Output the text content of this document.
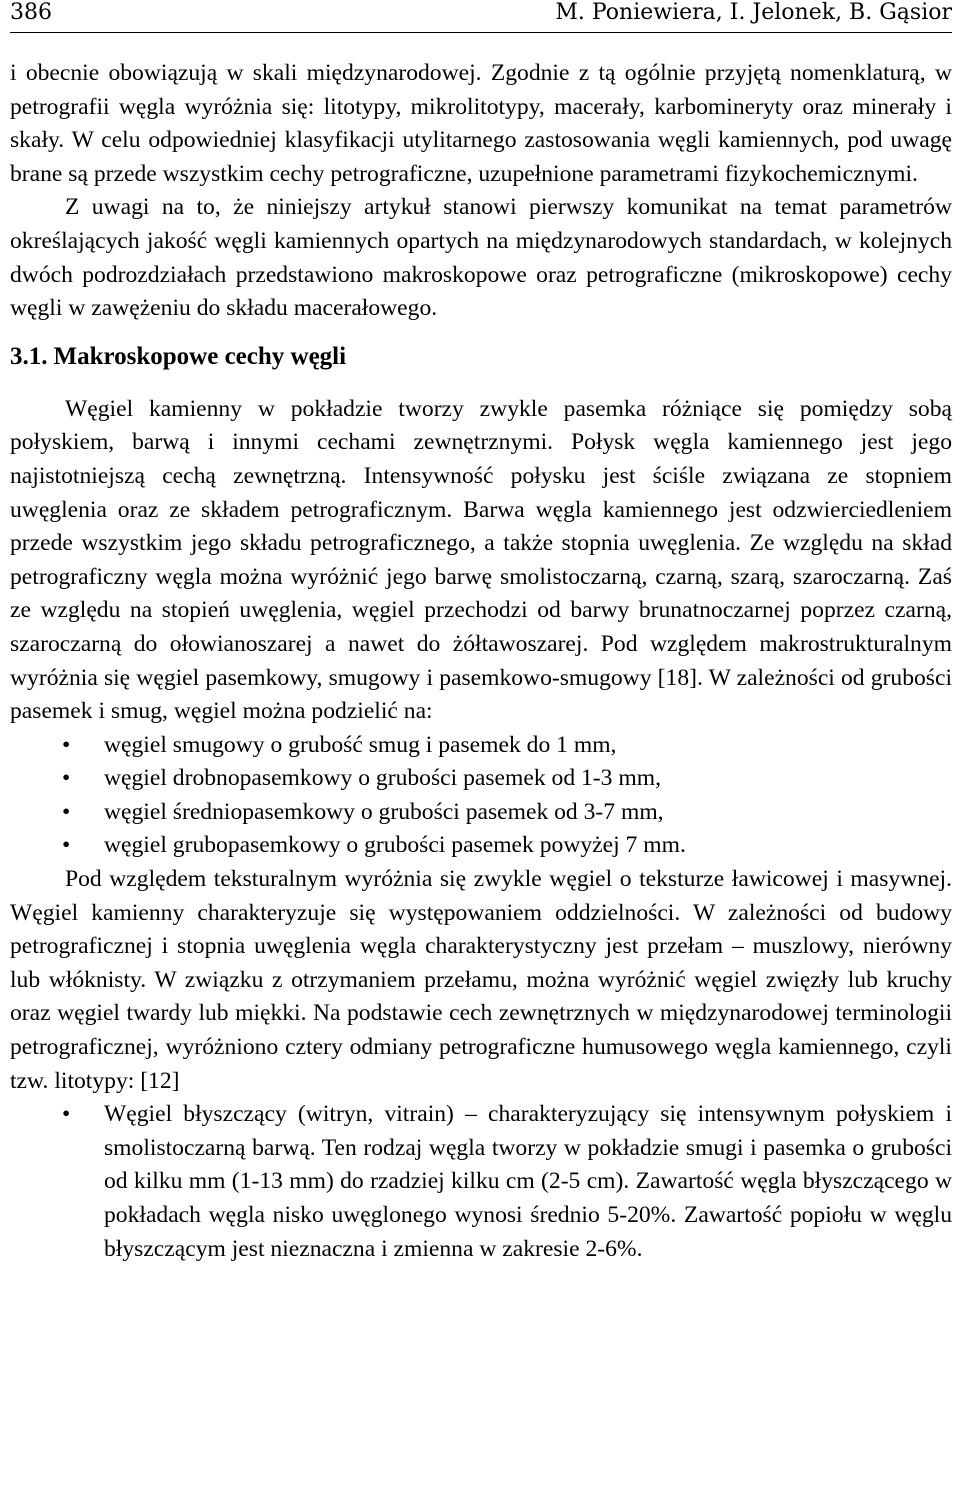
386	M. Poniewiera, I. Jelonek, B. Gąsior

i obecnie obowiązują w skali międzynarodowej. Zgodnie z tą ogólnie przyjętą nomenklaturą, w petrografii węgla wyróżnia się: litotypy, mikrolitotypy, macerały, karbomineryty oraz minerały i skały. W celu odpowiedniej klasyfikacji utylitarnego zastosowania węgli kamiennych, pod uwagę brane są przede wszystkim cechy petrograficzne, uzupełnione parametrami fizykochemicznymi.

Z uwagi na to, że niniejszy artykuł stanowi pierwszy komunikat na temat parametrów określających jakość węgli kamiennych opartych na międzynarodowych standardach, w kolejnych dwóch podrozdziałach przedstawiono makroskopowe oraz petrograficzne (mikroskopowe) cechy węgli w zawężeniu do składu macerałowego.

3.1. Makroskopowe cechy węgli

Węgiel kamienny w pokładzie tworzy zwykle pasemka różniące się pomiędzy sobą połyskiem, barwą i innymi cechami zewnętrznymi. Połysk węgla kamiennego jest jego najistotniejszą cechą zewnętrzną. Intensywność połysku jest ściśle związana ze stopniem uwęglenia oraz ze składem petrograficznym. Barwa węgla kamiennego jest odzwierciedleniem przede wszystkim jego składu petrograficznego, a także stopnia uwęglenia. Ze względu na skład petrograficzny węgla można wyróżnić jego barwę smolistoczarną, czarną, szarą, szaroczarną. Zaś ze względu na stopień uwęglenia, węgiel przechodzi od barwy brunatnoczarnej poprzez czarną, szaroczarną do ołowianoszarej a nawet do żółtawoszarej. Pod względem makrostrukturalnym wyróżnia się węgiel pasemkowy, smugowy i pasemkowo-smugowy [18]. W zależności od grubości pasemek i smug, węgiel można podzielić na:

• węgiel smugowy o grubość smug i pasemek do 1 mm,
• węgiel drobnopasemkowy o grubości pasemek od 1-3 mm,
• węgiel średniopasemkowy o grubości pasemek od 3-7 mm,
• węgiel grubopasemkowy o grubości pasemek powyżej 7 mm.

Pod względem teksturalnym wyróżnia się zwykle węgiel o teksturze ławicowej i masywnej. Węgiel kamienny charakteryzuje się występowaniem oddzielności. W zależności od budowy petrograficznej i stopnia uwęglenia węgla charakterystyczny jest przełam – muszlowy, nierówny lub włóknisty. W związku z otrzymaniem przełamu, można wyróżnić węgiel zwięzły lub kruchy oraz węgiel twardy lub miękki. Na podstawie cech zewnętrznych w międzynarodowej terminologii petrograficznej, wyróżniono cztery odmiany petrograficzne humusowego węgla kamiennego, czyli tzw. litotypy: [12]

• Węgiel błyszczący (witryn, vitrain) – charakteryzujący się intensywnym połyskiem i smolistoczarną barwą. Ten rodzaj węgla tworzy w pokładzie smugi i pasemka o grubości od kilku mm (1-13 mm) do rzadziej kilku cm (2-5 cm). Zawartość węgla błyszczącego w pokładach węgla nisko uwęglonego wynosi średnio 5-20%. Zawartość popiołu w węglu błyszczącym jest nieznaczna i zmienna w zakresie 2-6%.
